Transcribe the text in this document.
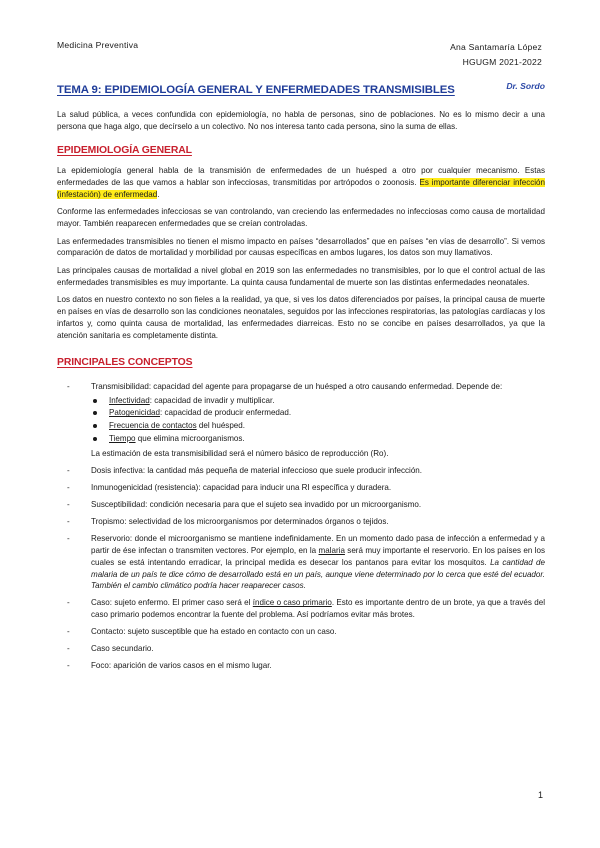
Medicina Preventiva	Ana Santamaría López
HGUGM 2021-2022
TEMA 9: EPIDEMIOLOGÍA GENERAL Y ENFERMEDADES TRANSMISIBLES	Dr. Sordo

La salud pública, a veces confundida con epidemiología, no habla de personas, sino de poblaciones. No es lo mismo decir a una persona que haga algo, que decírselo a un colectivo. No nos interesa tanto cada persona, sino la suma de ellas.

EPIDEMIOLOGÍA GENERAL

La epidemiología general habla de la transmisión de enfermedades de un huésped a otro por cualquier mecanismo. Estas enfermedades de las que vamos a hablar son infecciosas, transmitidas por artrópodos o zoonosis. Es importante diferenciar infección (infestación) de enfermedad.

Conforme las enfermedades infecciosas se van controlando, van creciendo las enfermedades no infecciosas como causa de mortalidad mayor. También reaparecen enfermedades que se creían controladas.

Las enfermedades transmisibles no tienen el mismo impacto en países “desarrollados” que en países “en vías de desarrollo”. Si vemos comparación de datos de mortalidad y morbilidad por causas específicas en ambos lugares, los datos son muy llamativos.

Las principales causas de mortalidad a nivel global en 2019 son las enfermedades no transmisibles, por lo que el control actual de las enfermedades transmisibles es muy importante. La quinta causa fundamental de muerte son las distintas enfermedades neonatales.

Los datos en nuestro contexto no son fieles a la realidad, ya que, si ves los datos diferenciados por países, la principal causa de muerte en países en vías de desarrollo son las condiciones neonatales, seguidos por las infecciones respiratorias, las patologías cardíacas y los infartos y, como quinta causa de mortalidad, las enfermedades diarreicas. Esto no se concibe en países desarrollados, ya que la atención sanitaria es completamente distinta.

PRINCIPALES CONCEPTOS
- Transmisibilidad: capacidad del agente para propagarse de un huésped a otro causando enfermedad. Depende de:
Infectividad: capacidad de invadir y multiplicar.
Patogenicidad: capacidad de producir enfermedad.
Frecuencia de contactos del huésped.
Tiempo que elimina microorganismos.
La estimación de esta transmisibilidad será el número básico de reproducción (Ro).
- Dosis infectiva: la cantidad más pequeña de material infeccioso que suele producir infección.
- Inmunogenicidad (resistencia): capacidad para inducir una RI específica y duradera.
- Susceptibilidad: condición necesaria para que el sujeto sea invadido por un microorganismo.
- Tropismo: selectividad de los microorganismos por determinados órganos o tejidos.
- Reservorio: donde el microorganismo se mantiene indefinidamente. En un momento dado pasa de infección a enfermedad y a partir de ése infectan o transmiten vectores. Por ejemplo, en la malaria será muy importante el reservorio. En los países en los cuales se está intentando erradicar, la principal medida es desecar los pantanos para evitar los mosquitos. La cantidad de malaria de un país te dice cómo de desarrollado está en un país, aunque viene determinado por lo cerca que esté del ecuador. También el cambio climático podría hacer reaparecer casos.
- Caso: sujeto enfermo. El primer caso será el índice o caso primario. Esto es importante dentro de un brote, ya que a través del caso primario podemos encontrar la fuente del problema. Así podríamos evitar más brotes.
- Contacto: sujeto susceptible que ha estado en contacto con un caso.
- Caso secundario.
- Foco: aparición de varios casos en el mismo lugar.
1
